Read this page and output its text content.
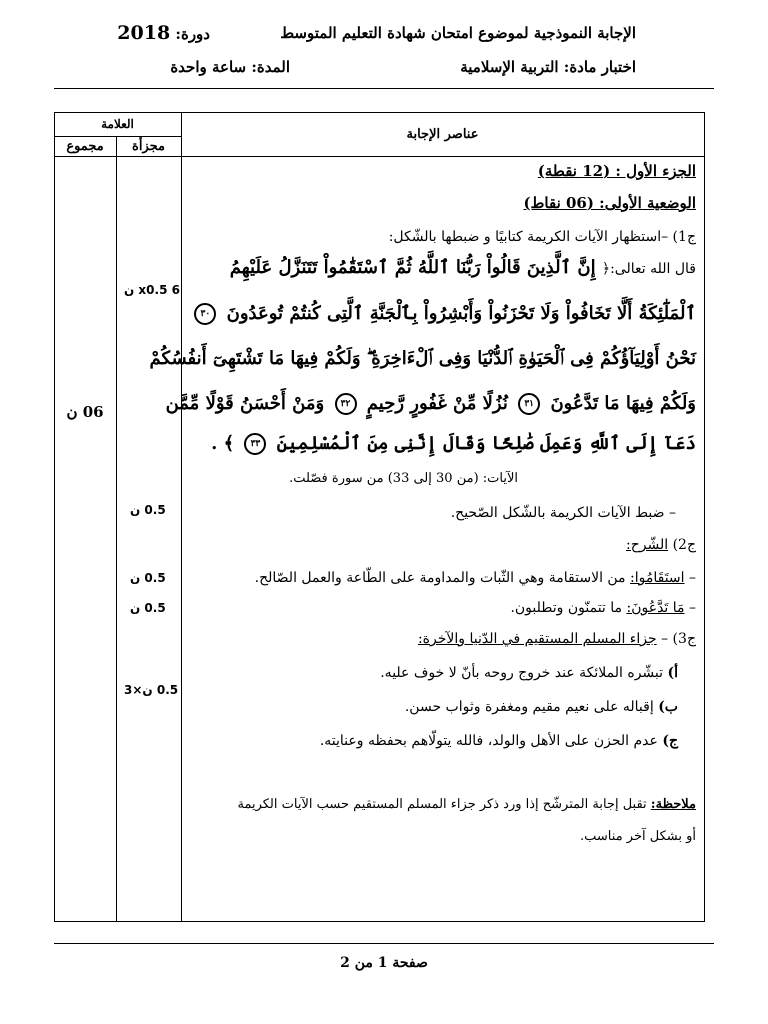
الإجابة النموذجية لموضوع امتحان شهادة التعليم المتوسط
دورة: 2018
اختبار مادة: التربية الإسلامية
المدة: ساعة واحدة
العلامة
مجموع مجزأة
عناصر الإجابة
06 ن
6 x0.5 ن
0.5 ن
0.5 ن
0.5 ن
0.5 ن×3
الجزء الأول : (12 نقطة)
الوضعية الأولى: (06 نقاط)
ج1) –استظهار الآيات الكريمة كتابيًا و ضبطها بالشّكل:
قال الله تعالى:﴿ إِنَّ ٱلَّذِينَ قَالُواْ رَبُّنَا ٱللَّهُ ثُمَّ ٱسْتَقَٰمُواْ تَتَنَزَّلُ عَلَيْهِمُ
ٱلْمَلَٰٓئِكَةُ أَلَّا تَخَافُواْ وَلَا تَحْزَنُواْ وَأَبْشِرُواْ بِٱلْجَنَّةِ ٱلَّتِى كُنتُمْ تُوعَدُونَ ٣٠
نَحْنُ أَوْلِيَآؤُكُمْ فِى ٱلْحَيَوٰةِ ٱلدُّنْيَا وَفِى ٱلْءَاخِرَةِ ۖ وَلَكُمْ فِيهَا مَا تَشْتَهِىٓ أَنفُسُكُمْ
وَلَكُمْ فِيهَا مَا تَدَّعُونَ ٣١ نُزُلًا مِّنْ غَفُورٍ رَّحِيمٍ ٣٢ وَمَنْ أَحْسَنُ قَوْلًا مِّمَّن
دَعَآ إِلَى ٱللَّهِ وَعَمِلَ صَٰلِحًا وَقَالَ إِنَّنِى مِنَ ٱلْمُسْلِمِينَ ٣٣ ﴾ .
الآيات: (من 30 إلى 33) من سورة فصّلت.
– ضبط الآيات الكريمة بالشّكل الصّحيح.
ج2) الشّرح:
– استَقَامُوا: من الاستقامة وهي الثّبات والمداومة على الطّاعة والعمل الصّالح.
– مَا تَدَّعُونَ: ما تتمنّون وتطلبون.
ج3) – جزاء المسلم المستقيم في الدّنيا والآخرة:
أ) تبشّره الملائكة عند خروج روحه بأنّ لا خوف عليه.
ب) إقباله على نعيم مقيم ومغفرة وثواب حسن.
ج) عدم الحزن على الأهل والولد، فالله يتولّاهم بحفظه وعنايته.
ملاحظة: تقبل إجابة المترشّح إذا ورد ذكر جزاء المسلم المستقيم حسب الآيات الكريمة
أو بشكل آخر مناسب.
صفحة 1 من 2
